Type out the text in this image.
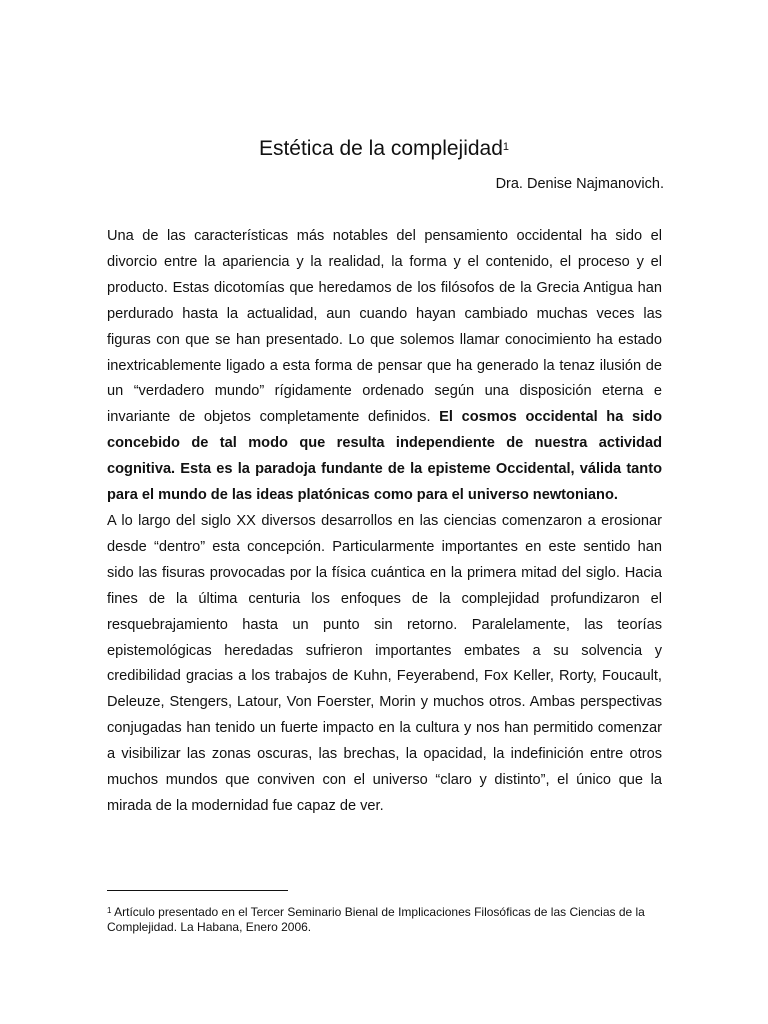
Estética de la complejidad$^1$
Dra. Denise Najmanovich.

Una de las características más notables del pensamiento occidental ha sido el divorcio entre la apariencia y la realidad, la forma y el contenido, el proceso y el producto. Estas dicotomías que heredamos de los filósofos de la Grecia Antigua han perdurado hasta la actualidad, aun cuando hayan cambiado muchas veces las figuras con que se han presentado. Lo que solemos llamar conocimiento ha estado inextricablemente ligado a esta forma de pensar que ha generado la tenaz ilusión de un “verdadero mundo” rígidamente ordenado según una disposición eterna e invariante de objetos completamente definidos. El cosmos occidental ha sido concebido de tal modo que resulta independiente de nuestra actividad cognitiva. Esta es la paradoja fundante de la episteme Occidental, válida tanto para el mundo de las ideas platónicas como para el universo newtoniano.

A lo largo del siglo XX diversos desarrollos en las ciencias comenzaron a erosionar desde “dentro” esta concepción. Particularmente importantes en este sentido han sido las fisuras provocadas por la física cuántica en la primera mitad del siglo. Hacia fines de la última centuria los enfoques de la complejidad profundizaron el resquebrajamiento hasta un punto sin retorno. Paralelamente, las teorías epistemológicas heredadas sufrieron importantes embates a su solvencia y credibilidad gracias a los trabajos de Kuhn, Feyerabend, Fox Keller, Rorty, Foucault, Deleuze, Stengers, Latour, Von Foerster, Morin y muchos otros. Ambas perspectivas conjugadas han tenido un fuerte impacto en la cultura y nos han permitido comenzar a visibilizar las zonas oscuras, las brechas, la opacidad, la indefinición entre otros muchos mundos que conviven con el universo “claro y distinto”, el único que la mirada de la modernidad fue capaz de ver.

$^1$ Artículo presentado en el Tercer Seminario Bienal de Implicaciones Filosóficas de las Ciencias de la Complejidad. La Habana, Enero 2006.
